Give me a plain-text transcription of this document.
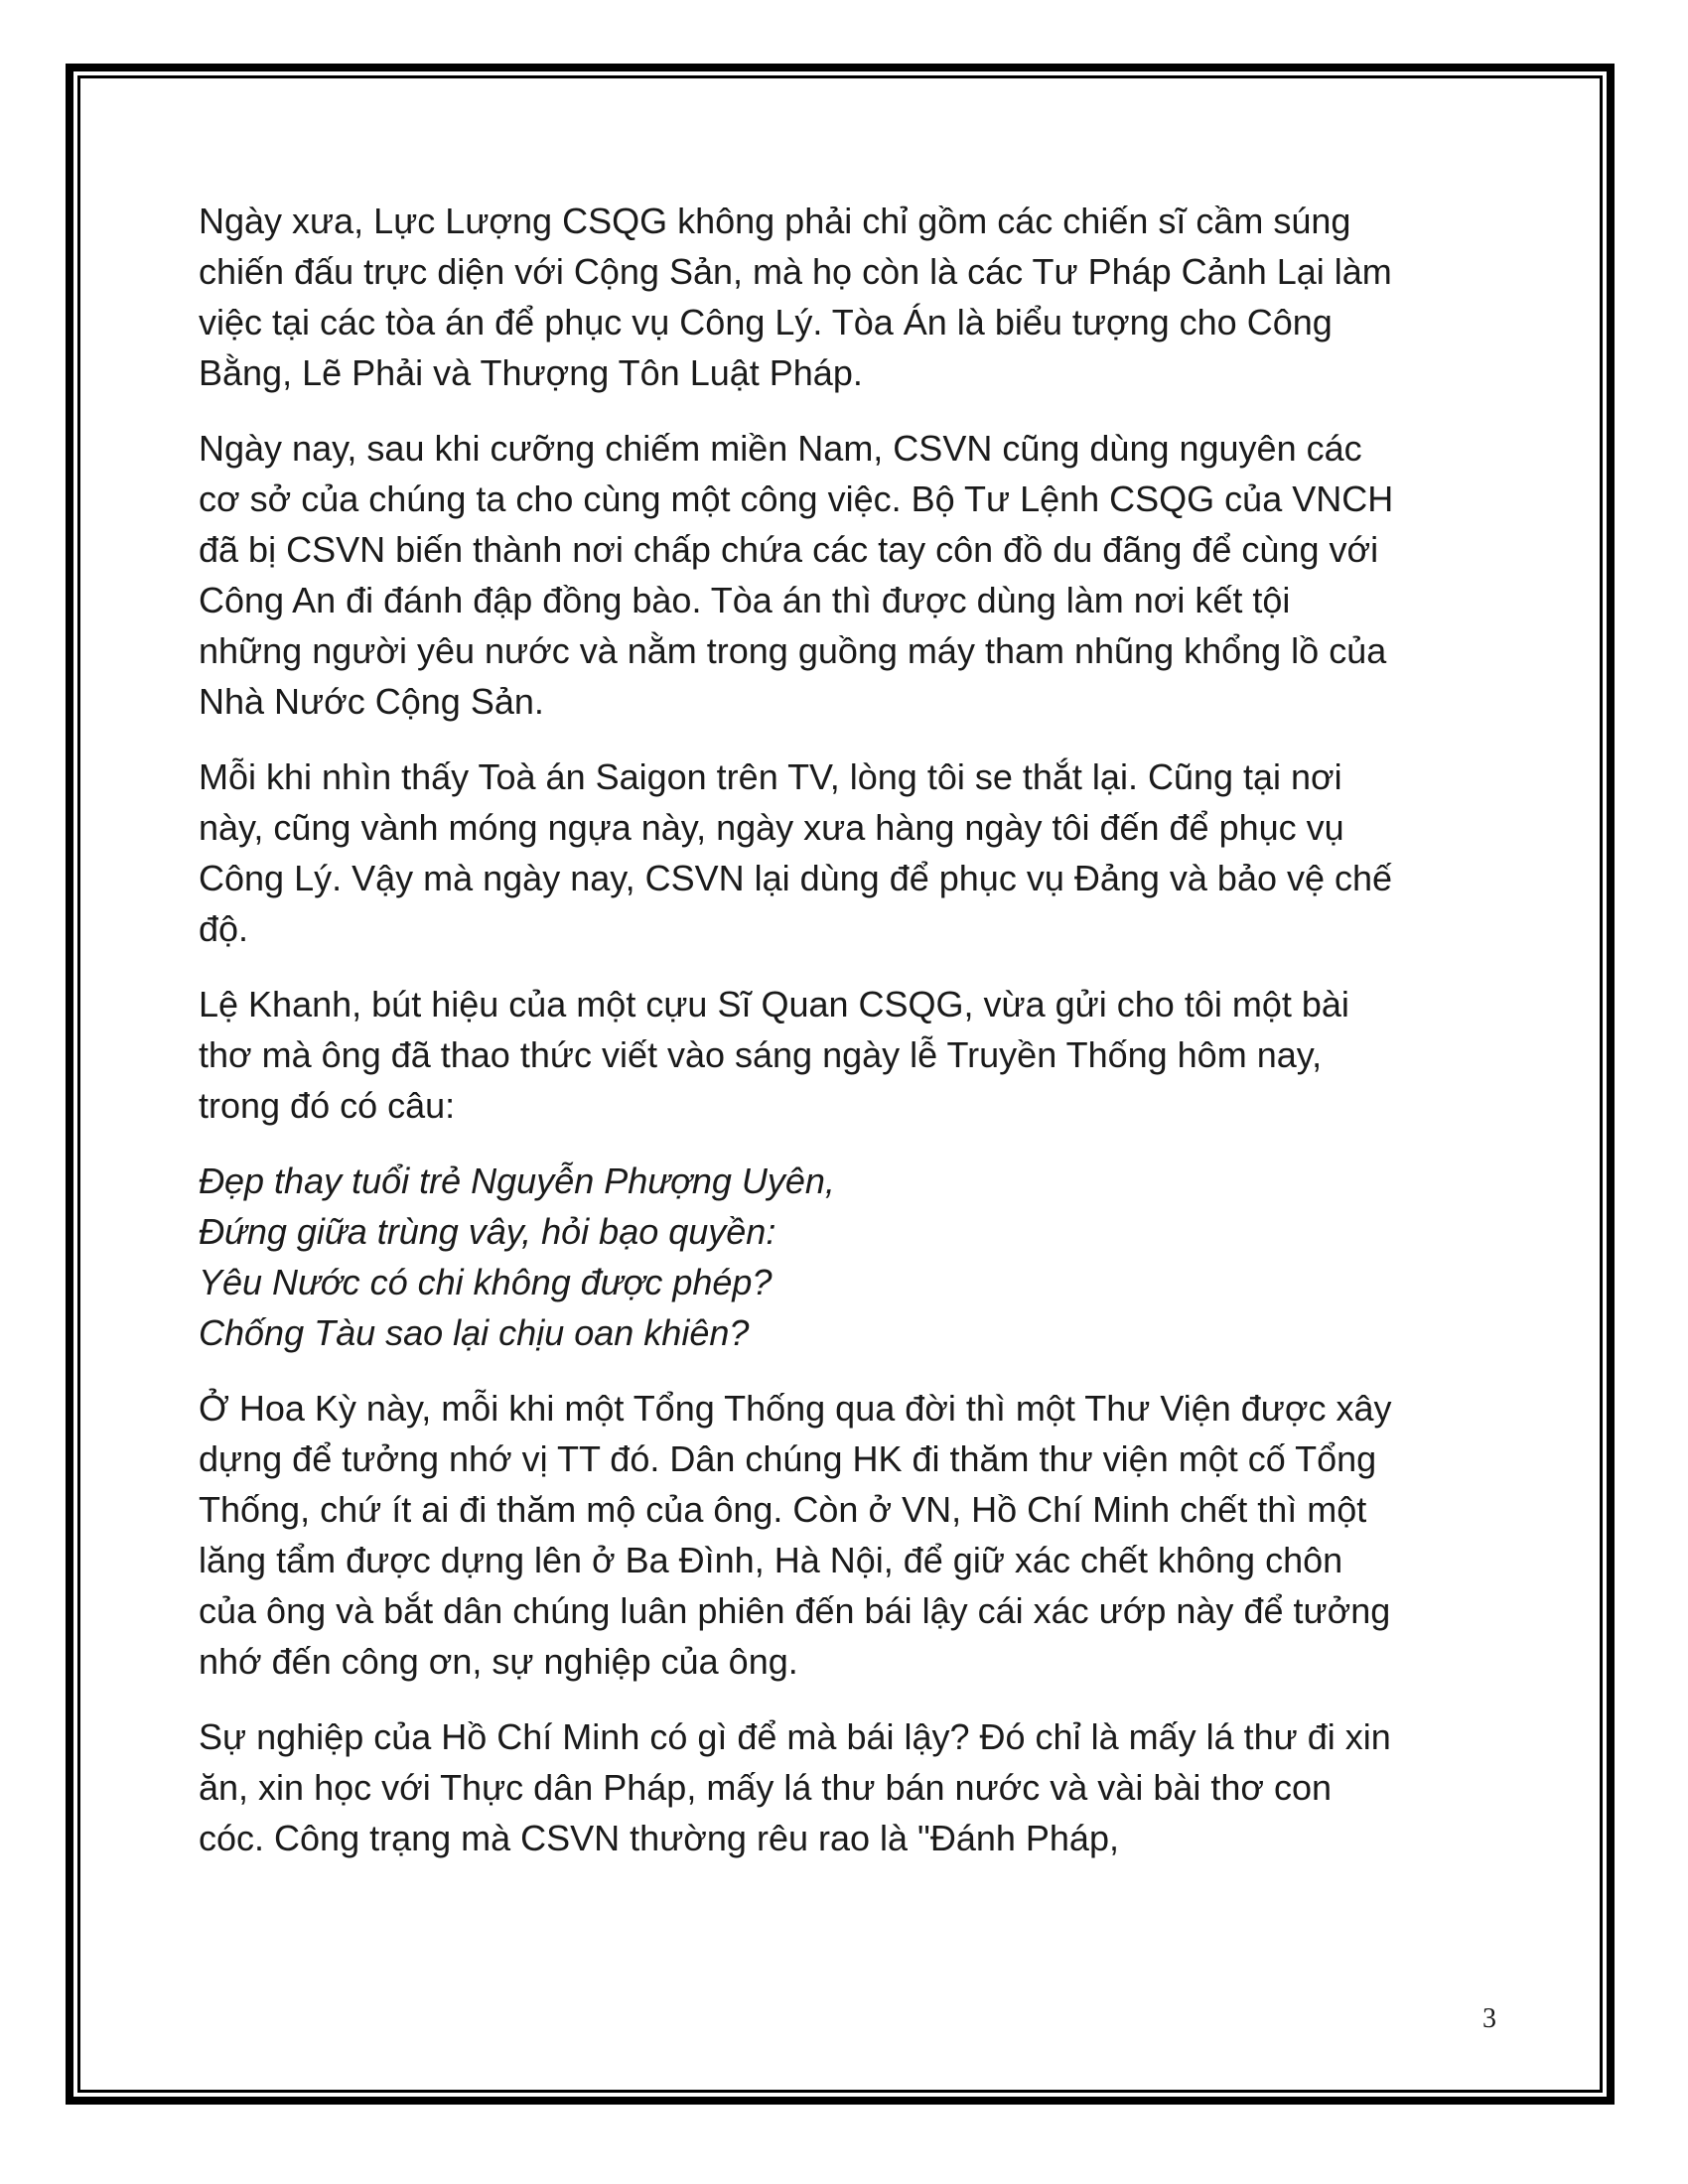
Ngày xưa, Lực Lượng CSQG không phải chỉ gồm các chiến sĩ cầm súng chiến đấu trực diện với Cộng Sản, mà họ còn là các Tư Pháp Cảnh Lại làm việc tại các tòa án để phục vụ Công Lý. Tòa Án là biểu tượng cho Công Bằng, Lẽ Phải và Thượng Tôn Luật Pháp.

Ngày nay, sau khi cưỡng chiếm miền Nam, CSVN cũng dùng nguyên các cơ sở của chúng ta cho cùng một công việc. Bộ Tư Lệnh CSQG của VNCH đã bị CSVN biến thành nơi chấp chứa các tay côn đồ du đãng để cùng với Công An đi đánh đập đồng bào. Tòa án thì được dùng làm nơi kết tội những người yêu nước và nằm trong guồng máy tham nhũng khổng lồ của Nhà Nước Cộng Sản.

Mỗi khi nhìn thấy Toà án Saigon trên TV, lòng tôi se thắt lại. Cũng tại nơi này, cũng vành móng ngựa này, ngày xưa hàng ngày tôi đến để phục vụ Công Lý. Vậy mà ngày nay, CSVN lại dùng để phục vụ Đảng và bảo vệ chế độ.

Lệ Khanh, bút hiệu của một cựu Sĩ Quan CSQG, vừa gửi cho tôi một bài thơ mà ông đã thao thức viết vào sáng ngày lễ Truyền Thống hôm nay, trong đó có câu:

Đẹp thay tuổi trẻ Nguyễn Phượng Uyên,
Đứng giữa trùng vây, hỏi bạo quyền:
Yêu Nước có chi không được phép?
Chống Tàu sao lại chịu oan khiên?

Ở Hoa Kỳ này, mỗi khi một Tổng Thống qua đời thì một Thư Viện được xây dựng để tưởng nhớ vị TT đó. Dân chúng HK đi thăm thư viện một cố Tổng Thống, chứ ít ai đi thăm mộ của ông. Còn ở VN, Hồ Chí Minh chết thì một lăng tẩm được dựng lên ở Ba Đình, Hà Nội, để giữ xác chết không chôn của ông và bắt dân chúng luân phiên đến bái lậy cái xác ướp này để tưởng nhớ đến công ơn, sự nghiệp của ông.

Sự nghiệp của Hồ Chí Minh có gì để mà bái lậy? Đó chỉ là mấy lá thư đi xin ăn, xin học với Thực dân Pháp, mấy lá thư bán nước và vài bài thơ con cóc. Công trạng mà CSVN thường rêu rao là "Đánh Pháp,

3
